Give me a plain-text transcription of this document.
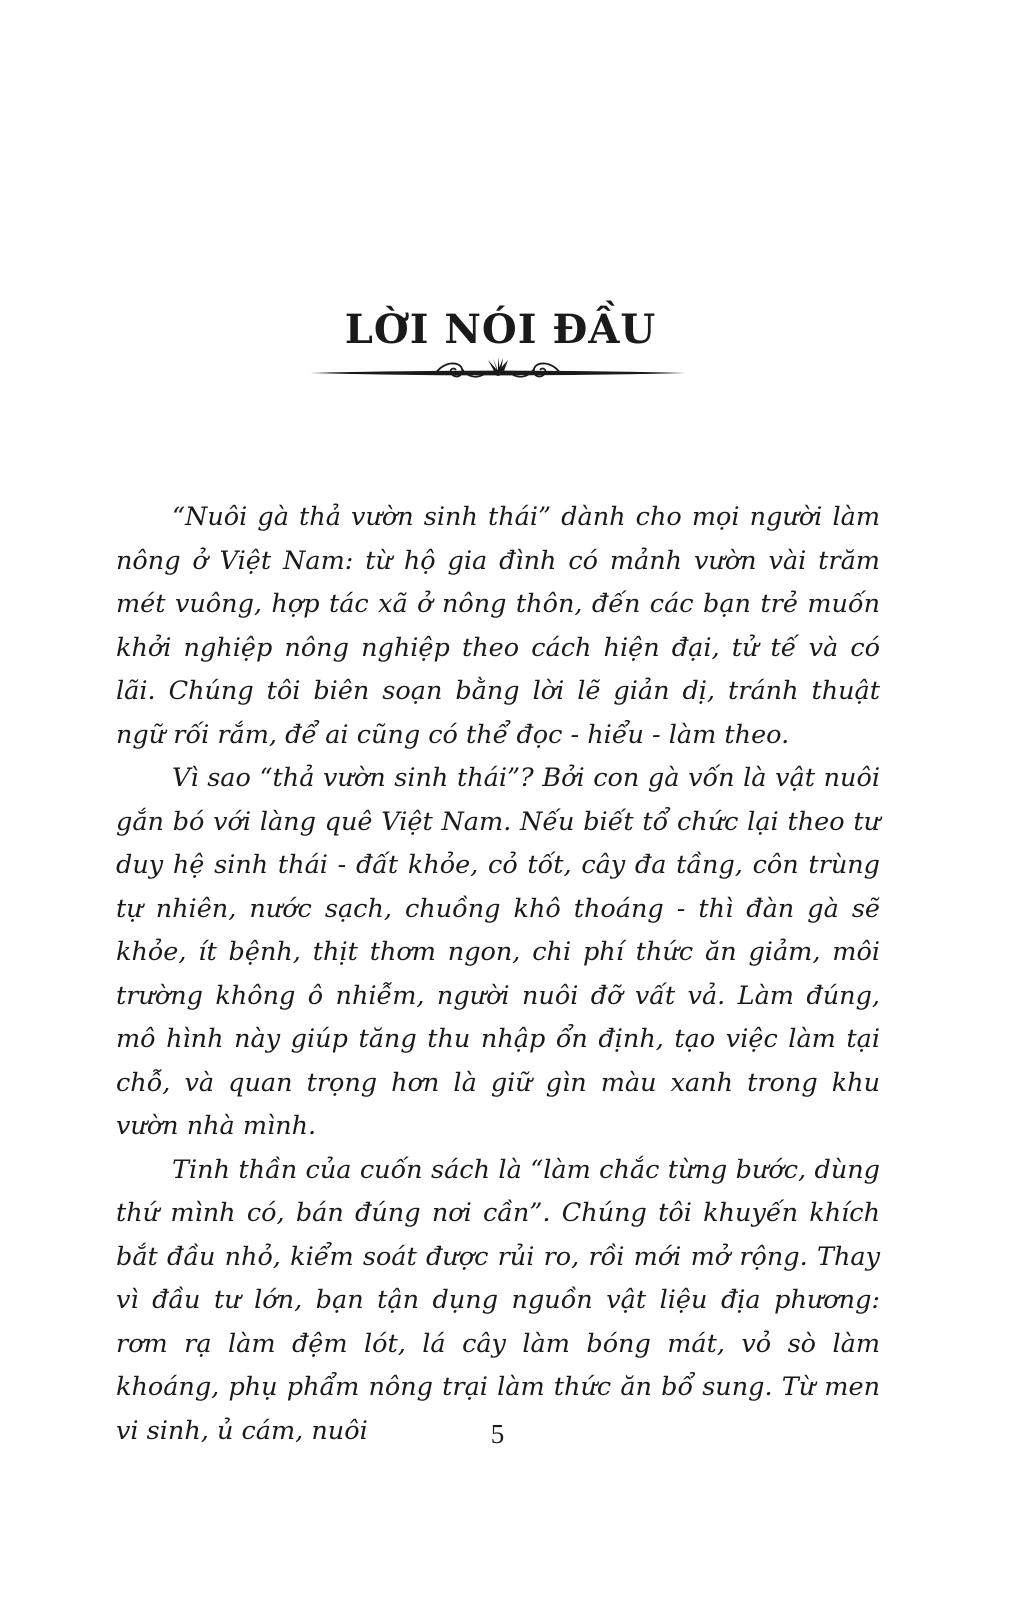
LỜI NÓI ĐẦU

“Nuôi gà thả vườn sinh thái” dành cho mọi người làm nông ở Việt Nam: từ hộ gia đình có mảnh vườn vài trăm mét vuông, hợp tác xã ở nông thôn, đến các bạn trẻ muốn khởi nghiệp nông nghiệp theo cách hiện đại, tử tế và có lãi. Chúng tôi biên soạn bằng lời lẽ giản dị, tránh thuật ngữ rối rắm, để ai cũng có thể đọc - hiểu - làm theo.

Vì sao “thả vườn sinh thái”? Bởi con gà vốn là vật nuôi gắn bó với làng quê Việt Nam. Nếu biết tổ chức lại theo tư duy hệ sinh thái - đất khỏe, cỏ tốt, cây đa tầng, côn trùng tự nhiên, nước sạch, chuồng khô thoáng - thì đàn gà sẽ khỏe, ít bệnh, thịt thơm ngon, chi phí thức ăn giảm, môi trường không ô nhiễm, người nuôi đỡ vất vả. Làm đúng, mô hình này giúp tăng thu nhập ổn định, tạo việc làm tại chỗ, và quan trọng hơn là giữ gìn màu xanh trong khu vườn nhà mình.

Tinh thần của cuốn sách là “làm chắc từng bước, dùng thứ mình có, bán đúng nơi cần”. Chúng tôi khuyến khích bắt đầu nhỏ, kiểm soát được rủi ro, rồi mới mở rộng. Thay vì đầu tư lớn, bạn tận dụng nguồn vật liệu địa phương: rơm rạ làm đệm lót, lá cây làm bóng mát, vỏ sò làm khoáng, phụ phẩm nông trại làm thức ăn bổ sung. Từ men vi sinh, ủ cám, nuôi	5
